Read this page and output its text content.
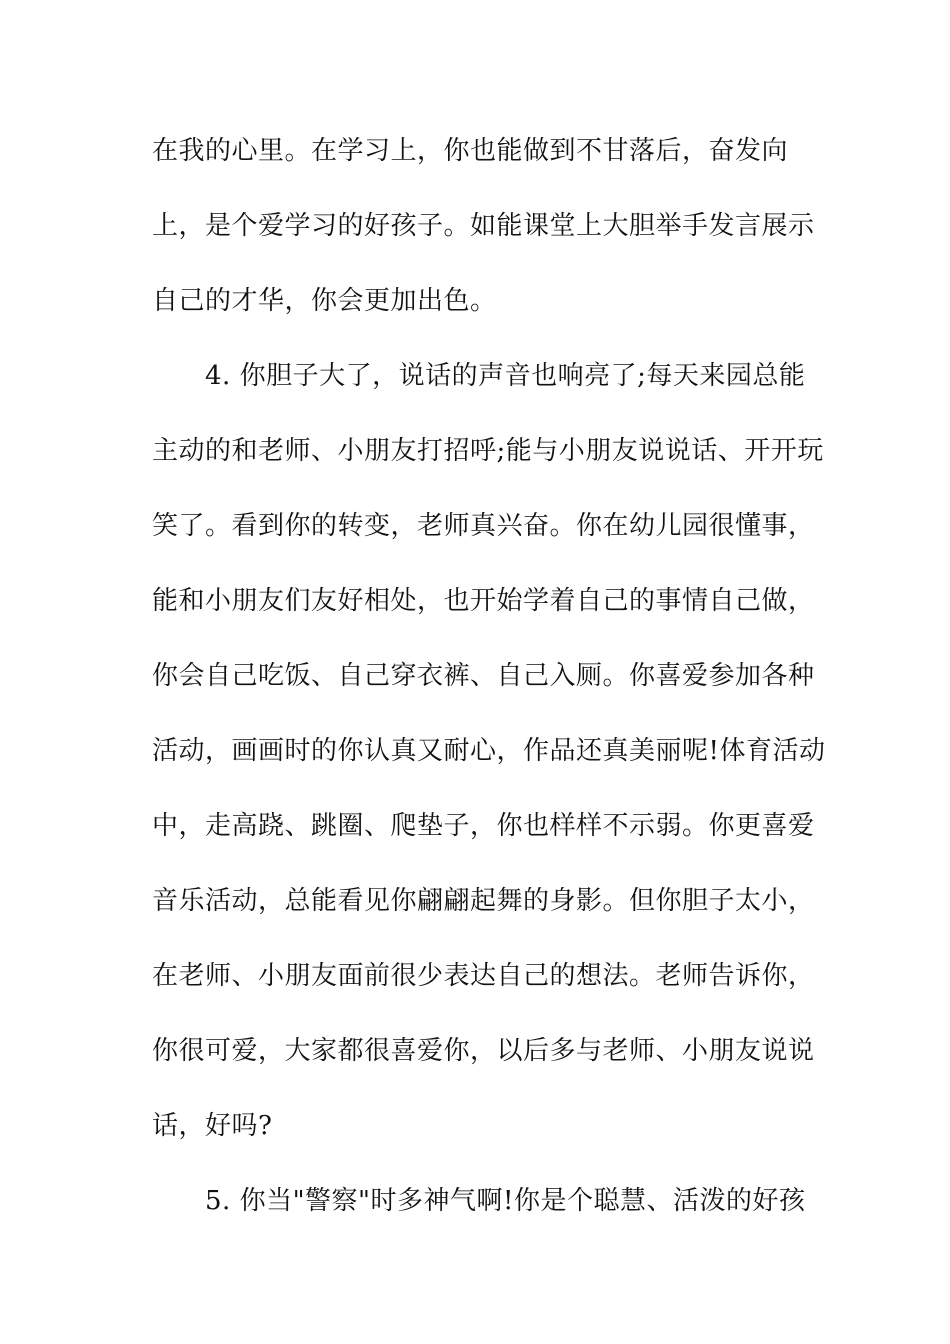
在我的心里。在学习上，你也能做到不甘落后，奋发向
上，是个爱学习的好孩子。如能课堂上大胆举手发言展示
自己的才华，你会更加出色。
4. 你胆子大了，说话的声音也响亮了;每天来园总能
主动的和老师、小朋友打招呼;能与小朋友说说话、开开玩
笑了。看到你的转变，老师真兴奋。你在幼儿园很懂事，
能和小朋友们友好相处，也开始学着自己的事情自己做，
你会自己吃饭、自己穿衣裤、自己入厕。你喜爱参加各种
活动，画画时的你认真又耐心，作品还真美丽呢!体育活动
中，走高跷、跳圈、爬垫子，你也样样不示弱。你更喜爱
音乐活动，总能看见你翩翩起舞的身影。但你胆子太小，
在老师、小朋友面前很少表达自己的想法。老师告诉你，
你很可爱，大家都很喜爱你，以后多与老师、小朋友说说
话，好吗?
5. 你当"警察"时多神气啊!你是个聪慧、活泼的好孩
